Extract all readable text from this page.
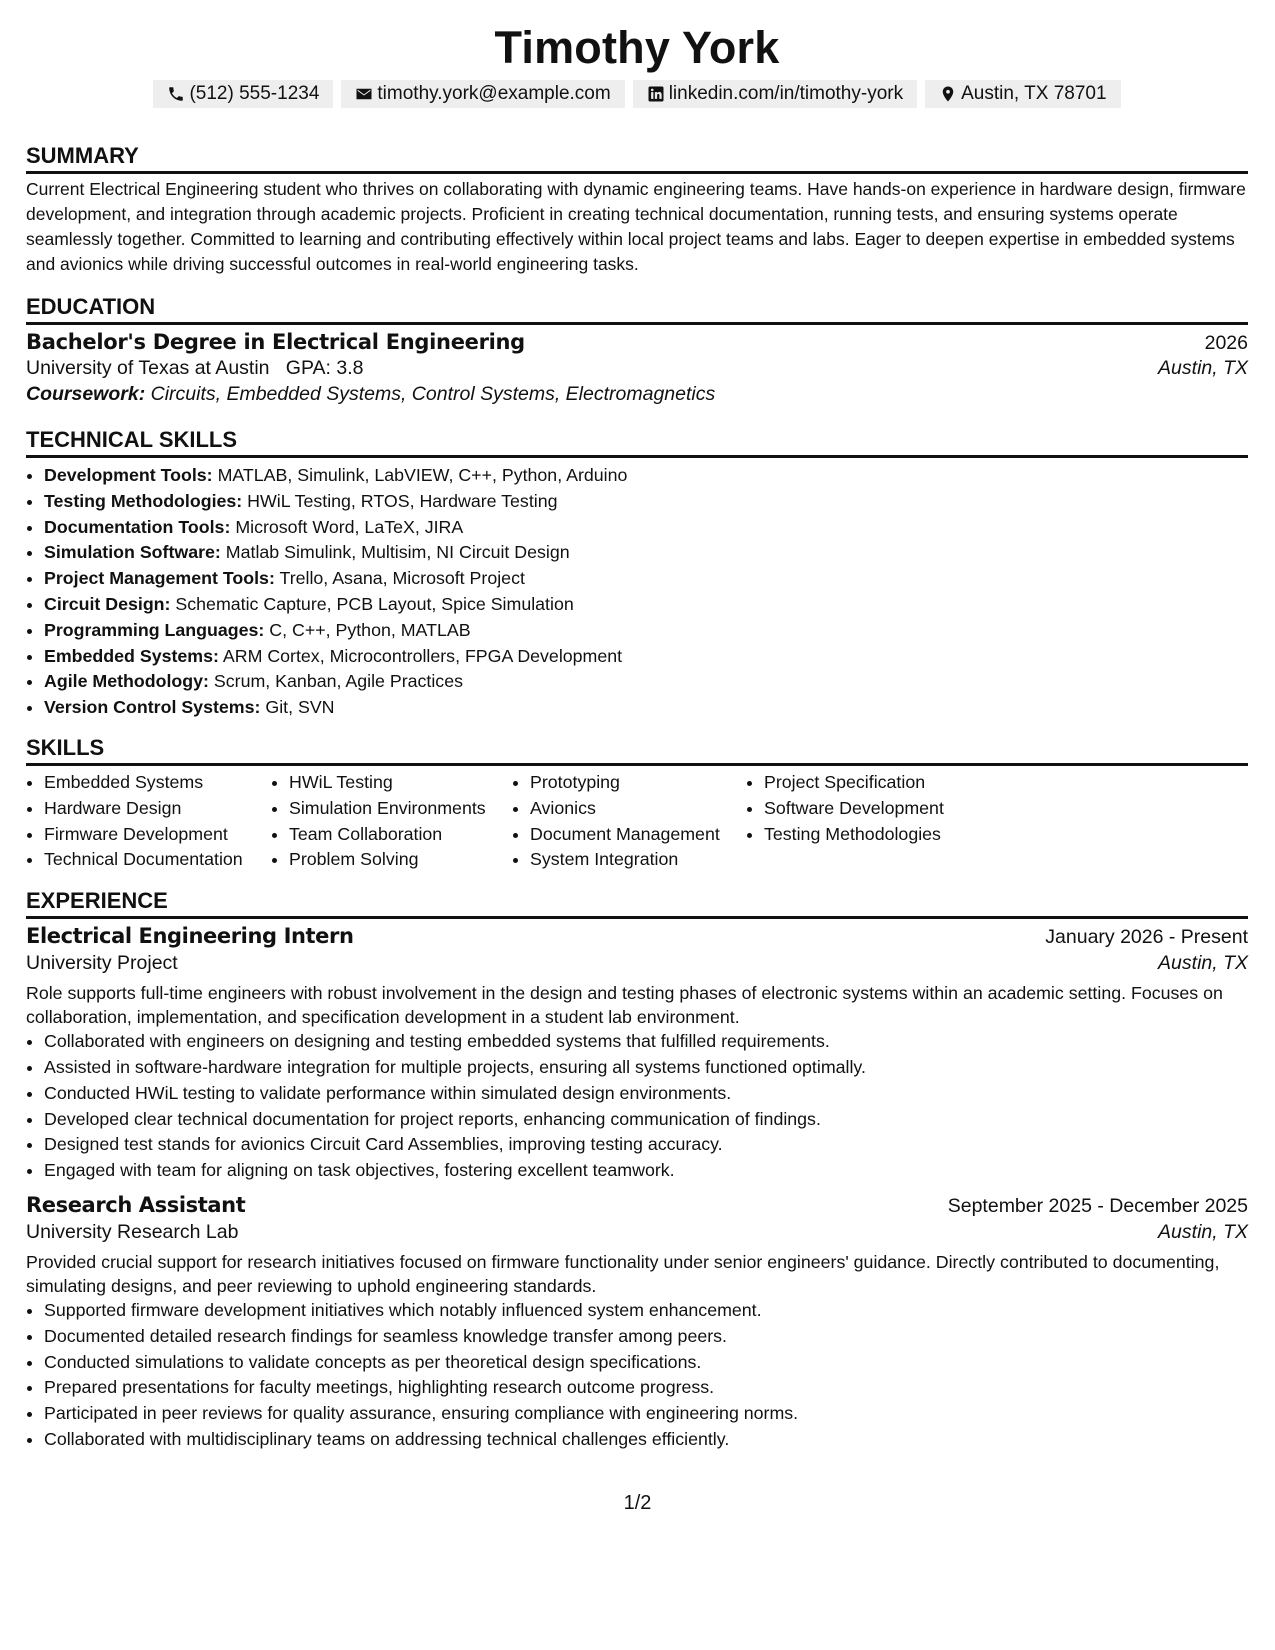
Timothy York
(512) 555-1234	timothy.york@example.com	linkedin.com/in/timothy-york	Austin, TX 78701
SUMMARY

Current Electrical Engineering student who thrives on collaborating with dynamic engineering teams. Have hands-on experience in hardware design, firmware development, and integration through academic projects. Proficient in creating technical documentation, running tests, and ensuring systems operate seamlessly together. Committed to learning and contributing effectively within local project teams and labs. Eager to deepen expertise in embedded systems and avionics while driving successful outcomes in real-world engineering tasks.

EDUCATION
Bachelor's Degree in Electrical Engineering	2026
University of Texas at Austin GPA: 3.8	Austin, TX
Coursework: Circuits, Embedded Systems, Control Systems, Electromagnetics
TECHNICAL SKILLS
• Development Tools: MATLAB, Simulink, LabVIEW, C++, Python, Arduino
• Testing Methodologies: HWiL Testing, RTOS, Hardware Testing
• Documentation Tools: Microsoft Word, LaTeX, JIRA
• Simulation Software: Matlab Simulink, Multisim, NI Circuit Design
• Project Management Tools: Trello, Asana, Microsoft Project
• Circuit Design: Schematic Capture, PCB Layout, Spice Simulation
• Programming Languages: C, C++, Python, MATLAB
• Embedded Systems: ARM Cortex, Microcontrollers, FPGA Development
• Agile Methodology: Scrum, Kanban, Agile Practices
• Version Control Systems: Git, SVN
SKILLS
• Embedded Systems
• Hardware Design
• Firmware Development
• Technical Documentation
• HWiL Testing
• Simulation Environments
• Team Collaboration
• Problem Solving
• Prototyping
• Avionics
• Document Management
• System Integration
• Project Specification
• Software Development
• Testing Methodologies
EXPERIENCE
Electrical Engineering Intern	January 2026 - Present
University Project	Austin, TX

Role supports full-time engineers with robust involvement in the design and testing phases of electronic systems within an academic setting. Focuses on collaboration, implementation, and specification development in a student lab environment.

• Collaborated with engineers on designing and testing embedded systems that fulfilled requirements.
• Assisted in software-hardware integration for multiple projects, ensuring all systems functioned optimally.
• Conducted HWiL testing to validate performance within simulated design environments.
• Developed clear technical documentation for project reports, enhancing communication of findings.
• Designed test stands for avionics Circuit Card Assemblies, improving testing accuracy.
• Engaged with team for aligning on task objectives, fostering excellent teamwork.
Research Assistant	September 2025 - December 2025
University Research Lab	Austin, TX

Provided crucial support for research initiatives focused on firmware functionality under senior engineers' guidance. Directly contributed to documenting, simulating designs, and peer reviewing to uphold engineering standards.

• Supported firmware development initiatives which notably influenced system enhancement.
• Documented detailed research findings for seamless knowledge transfer among peers.
• Conducted simulations to validate concepts as per theoretical design specifications.
• Prepared presentations for faculty meetings, highlighting research outcome progress.
• Participated in peer reviews for quality assurance, ensuring compliance with engineering norms.
• Collaborated with multidisciplinary teams on addressing technical challenges efficiently.
1/2
